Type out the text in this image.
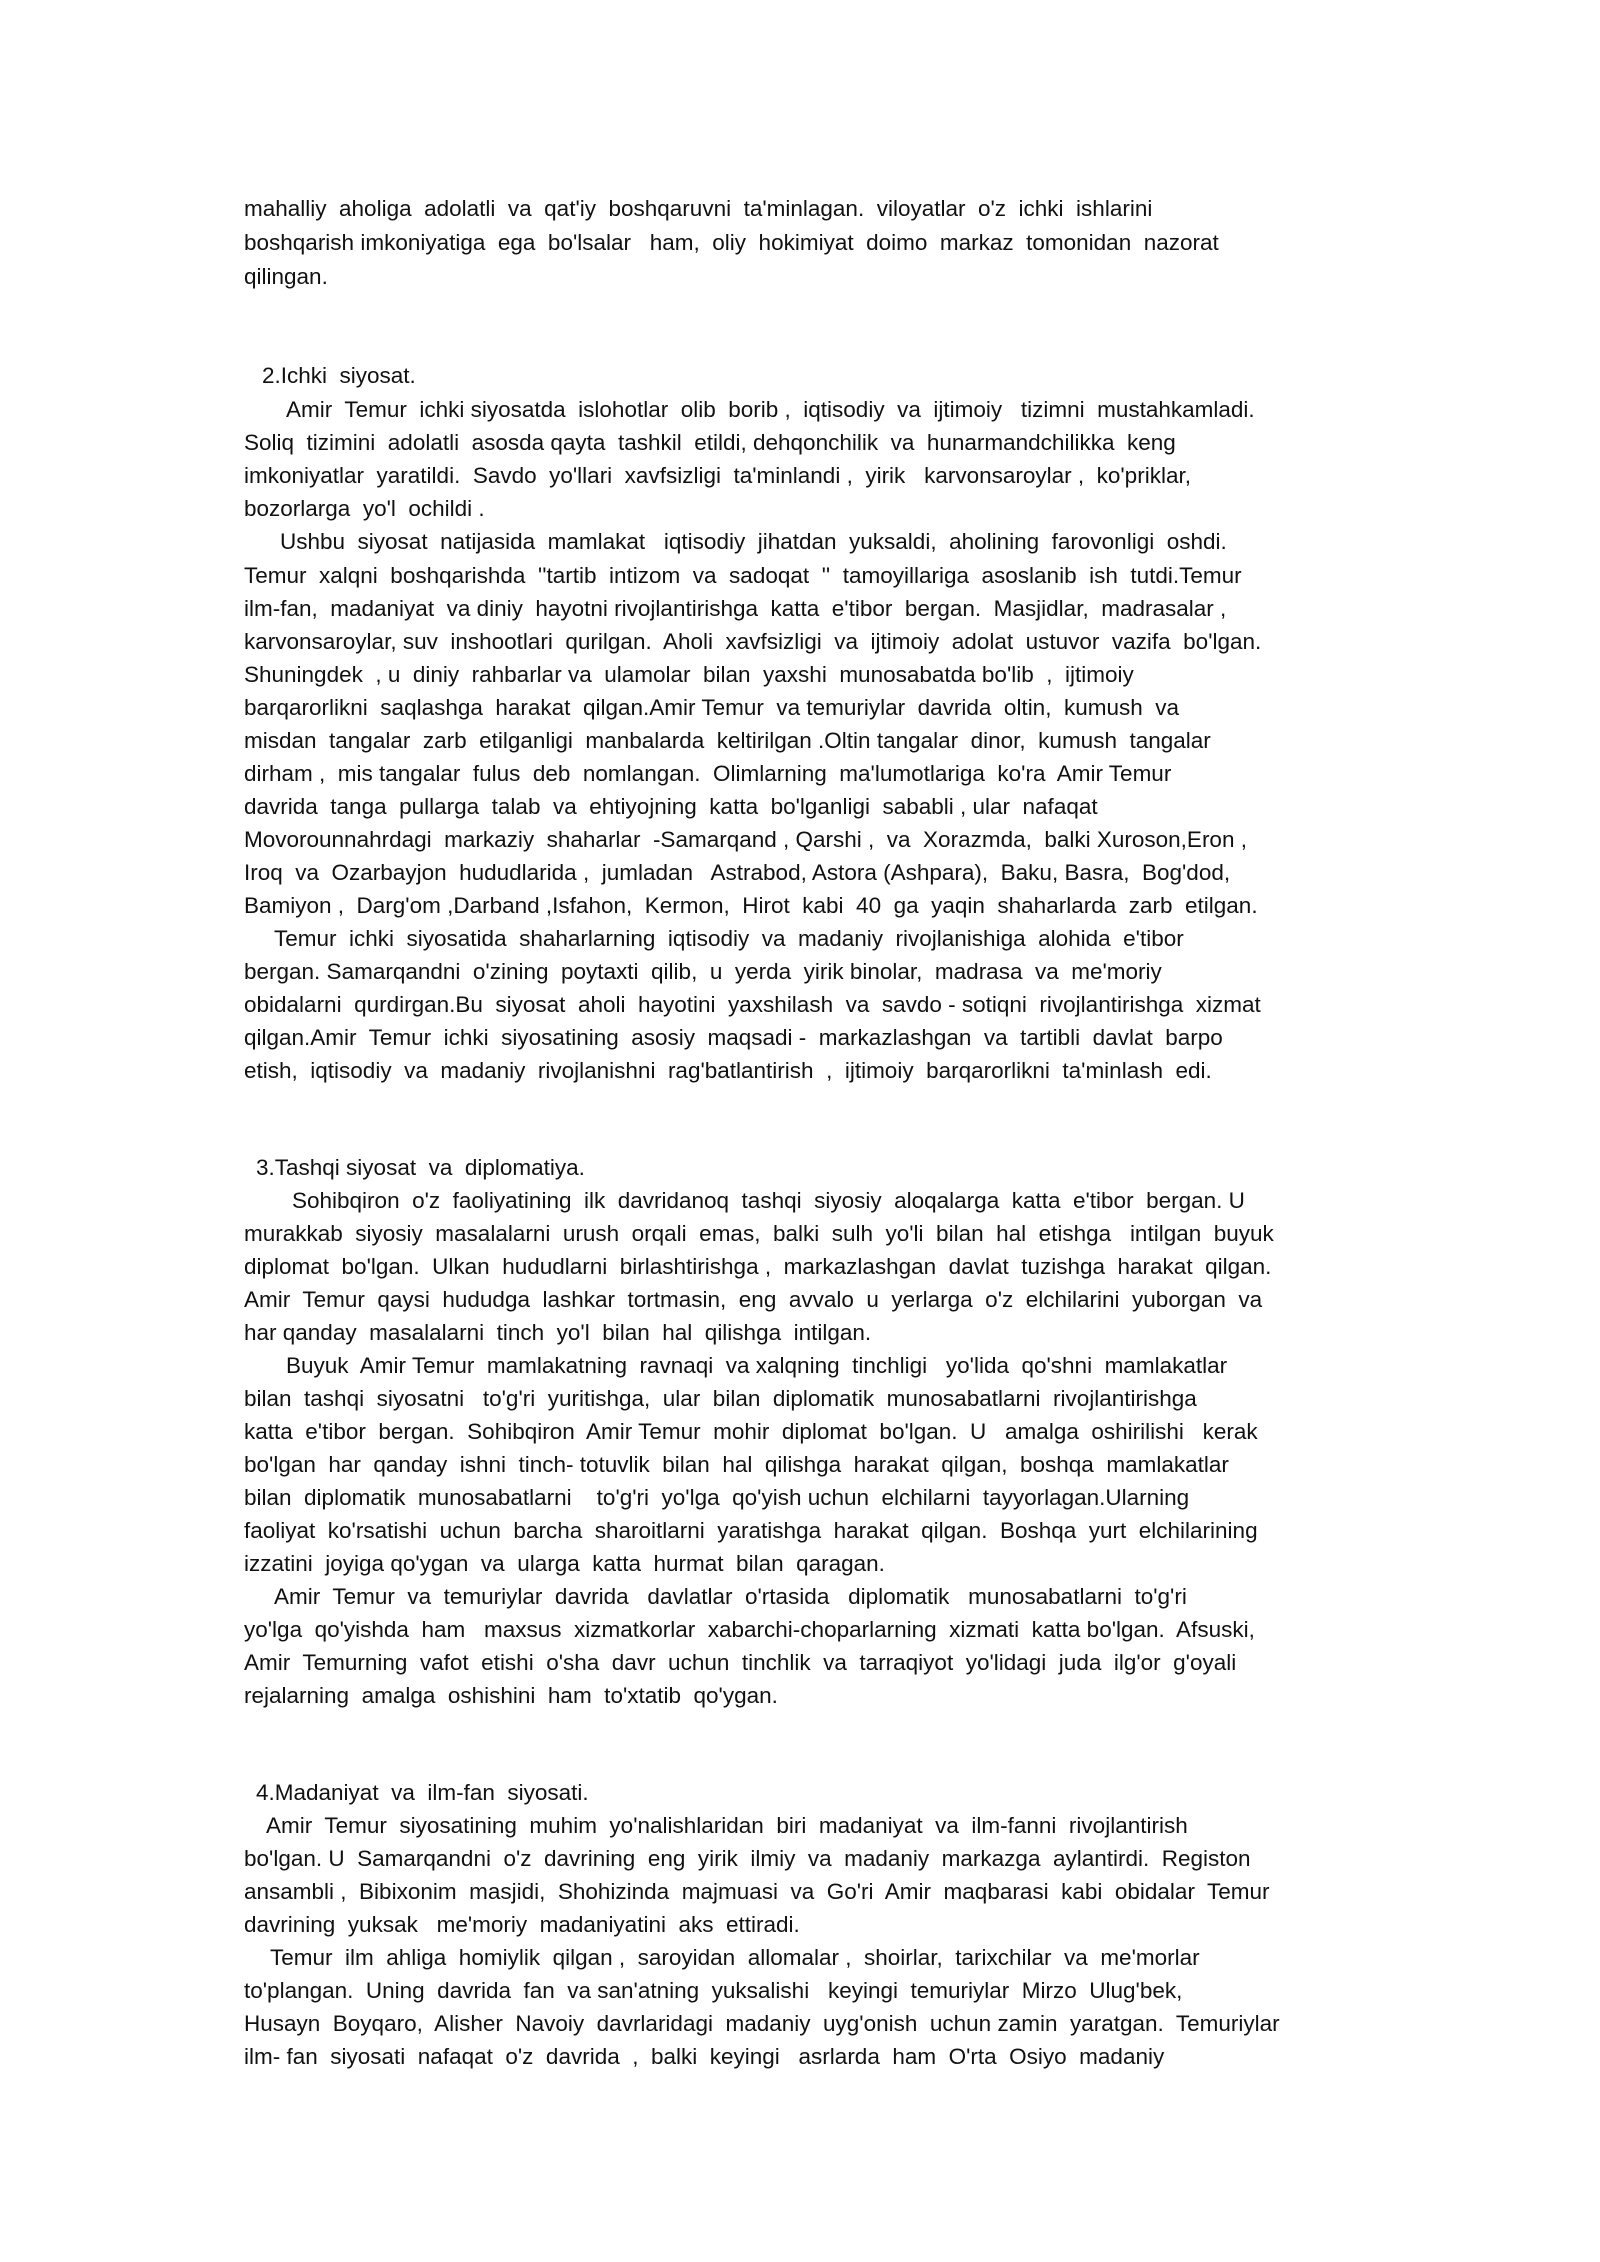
mahalliy  aholiga  adolatli  va  qat'iy  boshqaruvni  ta'minlagan.  viloyatlar  o'z  ichki  ishlarini

boshqarish imkoniyatiga  ega  bo'lsalar   ham,  oliy  hokimiyat  doimo  markaz  tomonidan  nazorat

qilingan.

2.Ichki  siyosat.

Amir  Temur  ichki siyosatda  islohotlar  olib  borib ,  iqtisodiy  va  ijtimoiy   tizimni  mustahkamladi.

Soliq  tizimini  adolatli  asosda qayta  tashkil  etildi, dehqonchilik  va  hunarmandchilikka  keng

imkoniyatlar  yaratildi.  Savdo  yo'llari  xavfsizligi  ta'minlandi ,  yirik   karvonsaroylar ,  ko'priklar,

bozorlarga  yo'l  ochildi .

Ushbu  siyosat  natijasida  mamlakat   iqtisodiy  jihatdan  yuksaldi,  aholining  farovonligi  oshdi.

Temur  xalqni  boshqarishda  ''tartib  intizom  va  sadoqat  ''  tamoyillariga  asoslanib  ish  tutdi.Temur

ilm-fan,  madaniyat  va diniy  hayotni rivojlantirishga  katta  e'tibor  bergan.  Masjidlar,  madrasalar ,

karvonsaroylar, suv  inshootlari  qurilgan.  Aholi  xavfsizligi  va  ijtimoiy  adolat  ustuvor  vazifa  bo'lgan.

Shuningdek  , u  diniy  rahbarlar va  ulamolar  bilan  yaxshi  munosabatda bo'lib  ,  ijtimoiy

barqarorlikni  saqlashga  harakat  qilgan.Amir Temur  va temuriylar  davrida  oltin,  kumush  va

misdan  tangalar  zarb  etilganligi  manbalarda  keltirilgan .Oltin tangalar  dinor,  kumush  tangalar

dirham ,  mis tangalar  fulus  deb  nomlangan.  Olimlarning  ma'lumotlariga  ko'ra  Amir Temur

davrida  tanga  pullarga  talab  va  ehtiyojning  katta  bo'lganligi  sababli , ular  nafaqat

Movorounnahrdagi  markaziy  shaharlar  -Samarqand , Qarshi ,  va  Xorazmda,  balki Xuroson,Eron ,

Iroq  va  Ozarbayjon  hududlarida ,  jumladan   Astrabod, Astora (Ashpara),  Baku, Basra,  Bog'dod,

Bamiyon ,  Darg'om ,Darband ,Isfahon,  Kermon,  Hirot  kabi  40  ga  yaqin  shaharlarda  zarb  etilgan.

Temur  ichki  siyosatida  shaharlarning  iqtisodiy  va  madaniy  rivojlanishiga  alohida  e'tibor

bergan. Samarqandni  o'zining  poytaxti  qilib,  u  yerda  yirik binolar,  madrasa  va  me'moriy

obidalarni  qurdirgan.Bu  siyosat  aholi  hayotini  yaxshilash  va  savdo - sotiqni  rivojlantirishga  xizmat

qilgan.Amir  Temur  ichki  siyosatining  asosiy  maqsadi -  markazlashgan  va  tartibli  davlat  barpo

etish,  iqtisodiy  va  madaniy  rivojlanishni  rag'batlantirish  ,  ijtimoiy  barqarorlikni  ta'minlash  edi.

3.Tashqi siyosat  va  diplomatiya.

Sohibqiron  o'z  faoliyatining  ilk  davridanoq  tashqi  siyosiy  aloqalarga  katta  e'tibor  bergan. U

murakkab  siyosiy  masalalarni  urush  orqali  emas,  balki  sulh  yo'li  bilan  hal  etishga   intilgan  buyuk

diplomat  bo'lgan.  Ulkan  hududlarni  birlashtirishga ,  markazlashgan  davlat  tuzishga  harakat  qilgan.

Amir  Temur  qaysi  hududga  lashkar  tortmasin,  eng  avvalo  u  yerlarga  o'z  elchilarini  yuborgan  va

har qanday  masalalarni  tinch  yo'l  bilan  hal  qilishga  intilgan.

Buyuk  Amir Temur  mamlakatning  ravnaqi  va xalqning  tinchligi   yo'lida  qo'shni  mamlakatlar

bilan  tashqi  siyosatni   to'g'ri  yuritishga,  ular  bilan  diplomatik  munosabatlarni  rivojlantirishga

katta  e'tibor  bergan.  Sohibqiron  Amir Temur  mohir  diplomat  bo'lgan.  U   amalga  oshirilishi   kerak

bo'lgan  har  qanday  ishni  tinch- totuvlik  bilan  hal  qilishga  harakat  qilgan,  boshqa  mamlakatlar

bilan  diplomatik  munosabatlarni    to'g'ri  yo'lga  qo'yish uchun  elchilarni  tayyorlagan.Ularning

faoliyat  ko'rsatishi  uchun  barcha  sharoitlarni  yaratishga  harakat  qilgan.  Boshqa  yurt  elchilarining

izzatini  joyiga qo'ygan  va  ularga  katta  hurmat  bilan  qaragan.

Amir  Temur  va  temuriylar  davrida   davlatlar  o'rtasida   diplomatik   munosabatlarni  to'g'ri

yo'lga  qo'yishda  ham   maxsus  xizmatkorlar  xabarchi-choparlarning  xizmati  katta bo'lgan.  Afsuski,

Amir  Temurning  vafot  etishi  o'sha  davr  uchun  tinchlik  va  tarraqiyot  yo'lidagi  juda  ilg'or  g'oyali

rejalarning  amalga  oshishini  ham  to'xtatib  qo'ygan.

4.Madaniyat  va  ilm-fan  siyosati.

Amir  Temur  siyosatining  muhim  yo'nalishlaridan  biri  madaniyat  va  ilm-fanni  rivojlantirish

bo'lgan. U  Samarqandni  o'z  davrining  eng  yirik  ilmiy  va  madaniy  markazga  aylantirdi.  Registon

ansambli ,  Bibixonim  masjidi,  Shohizinda  majmuasi  va  Go'ri  Amir  maqbarasi  kabi  obidalar  Temur

davrining  yuksak   me'moriy  madaniyatini  aks  ettiradi.

Temur  ilm  ahliga  homiylik  qilgan ,  saroyidan  allomalar ,  shoirlar,  tarixchilar  va  me'morlar

to'plangan.  Uning  davrida  fan  va san'atning  yuksalishi   keyingi  temuriylar  Mirzo  Ulug'bek,

Husayn  Boyqaro,  Alisher  Navoiy  davrlaridagi  madaniy  uyg'onish  uchun zamin  yaratgan.  Temuriylar

ilm- fan  siyosati  nafaqat  o'z  davrida  ,  balki  keyingi   asrlarda  ham  O'rta  Osiyo  madaniy
